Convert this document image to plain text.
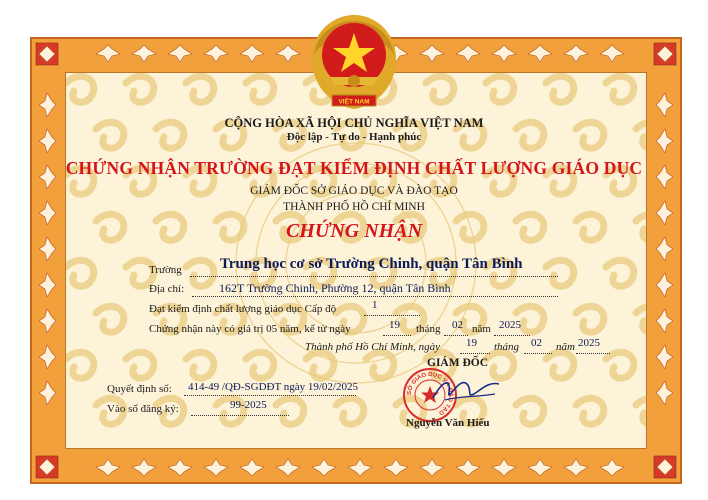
VIỆT NAM
CỘNG HÒA XÃ HỘI CHỦ NGHĨA VIỆT NAM
Độc lập - Tự do - Hạnh phúc
CHỨNG NHẬN TRƯỜNG ĐẠT KIỂM ĐỊNH CHẤT LƯỢNG GIÁO DỤC
GIÁM ĐỐC SỞ GIÁO DỤC VÀ ĐÀO TẠO
THÀNH PHỐ HỒ CHÍ MINH
CHỨNG NHẬN
Trường	Trung học cơ sở Trường Chinh, quận Tân Bình
Địa chỉ:	162T Trường Chinh, Phường 12, quận Tân Bình
Đạt kiểm định chất lượng giáo dục Cấp độ	1
Chứng nhận này có giá trị 05 năm, kể từ ngày	19 tháng 02 năm 2025
Thành phố Hồ Chí Minh, ngày 19 tháng 02 năm 2025
GIÁM ĐỐC
SỞ GIÁO DỤC VÀ ĐÀO TẠO
Nguyễn Văn Hiếu
Quyết định số: 414-49 /QĐ-SGDĐT ngày 19/02/2025
Vào sổ đăng ký:	99-2025
